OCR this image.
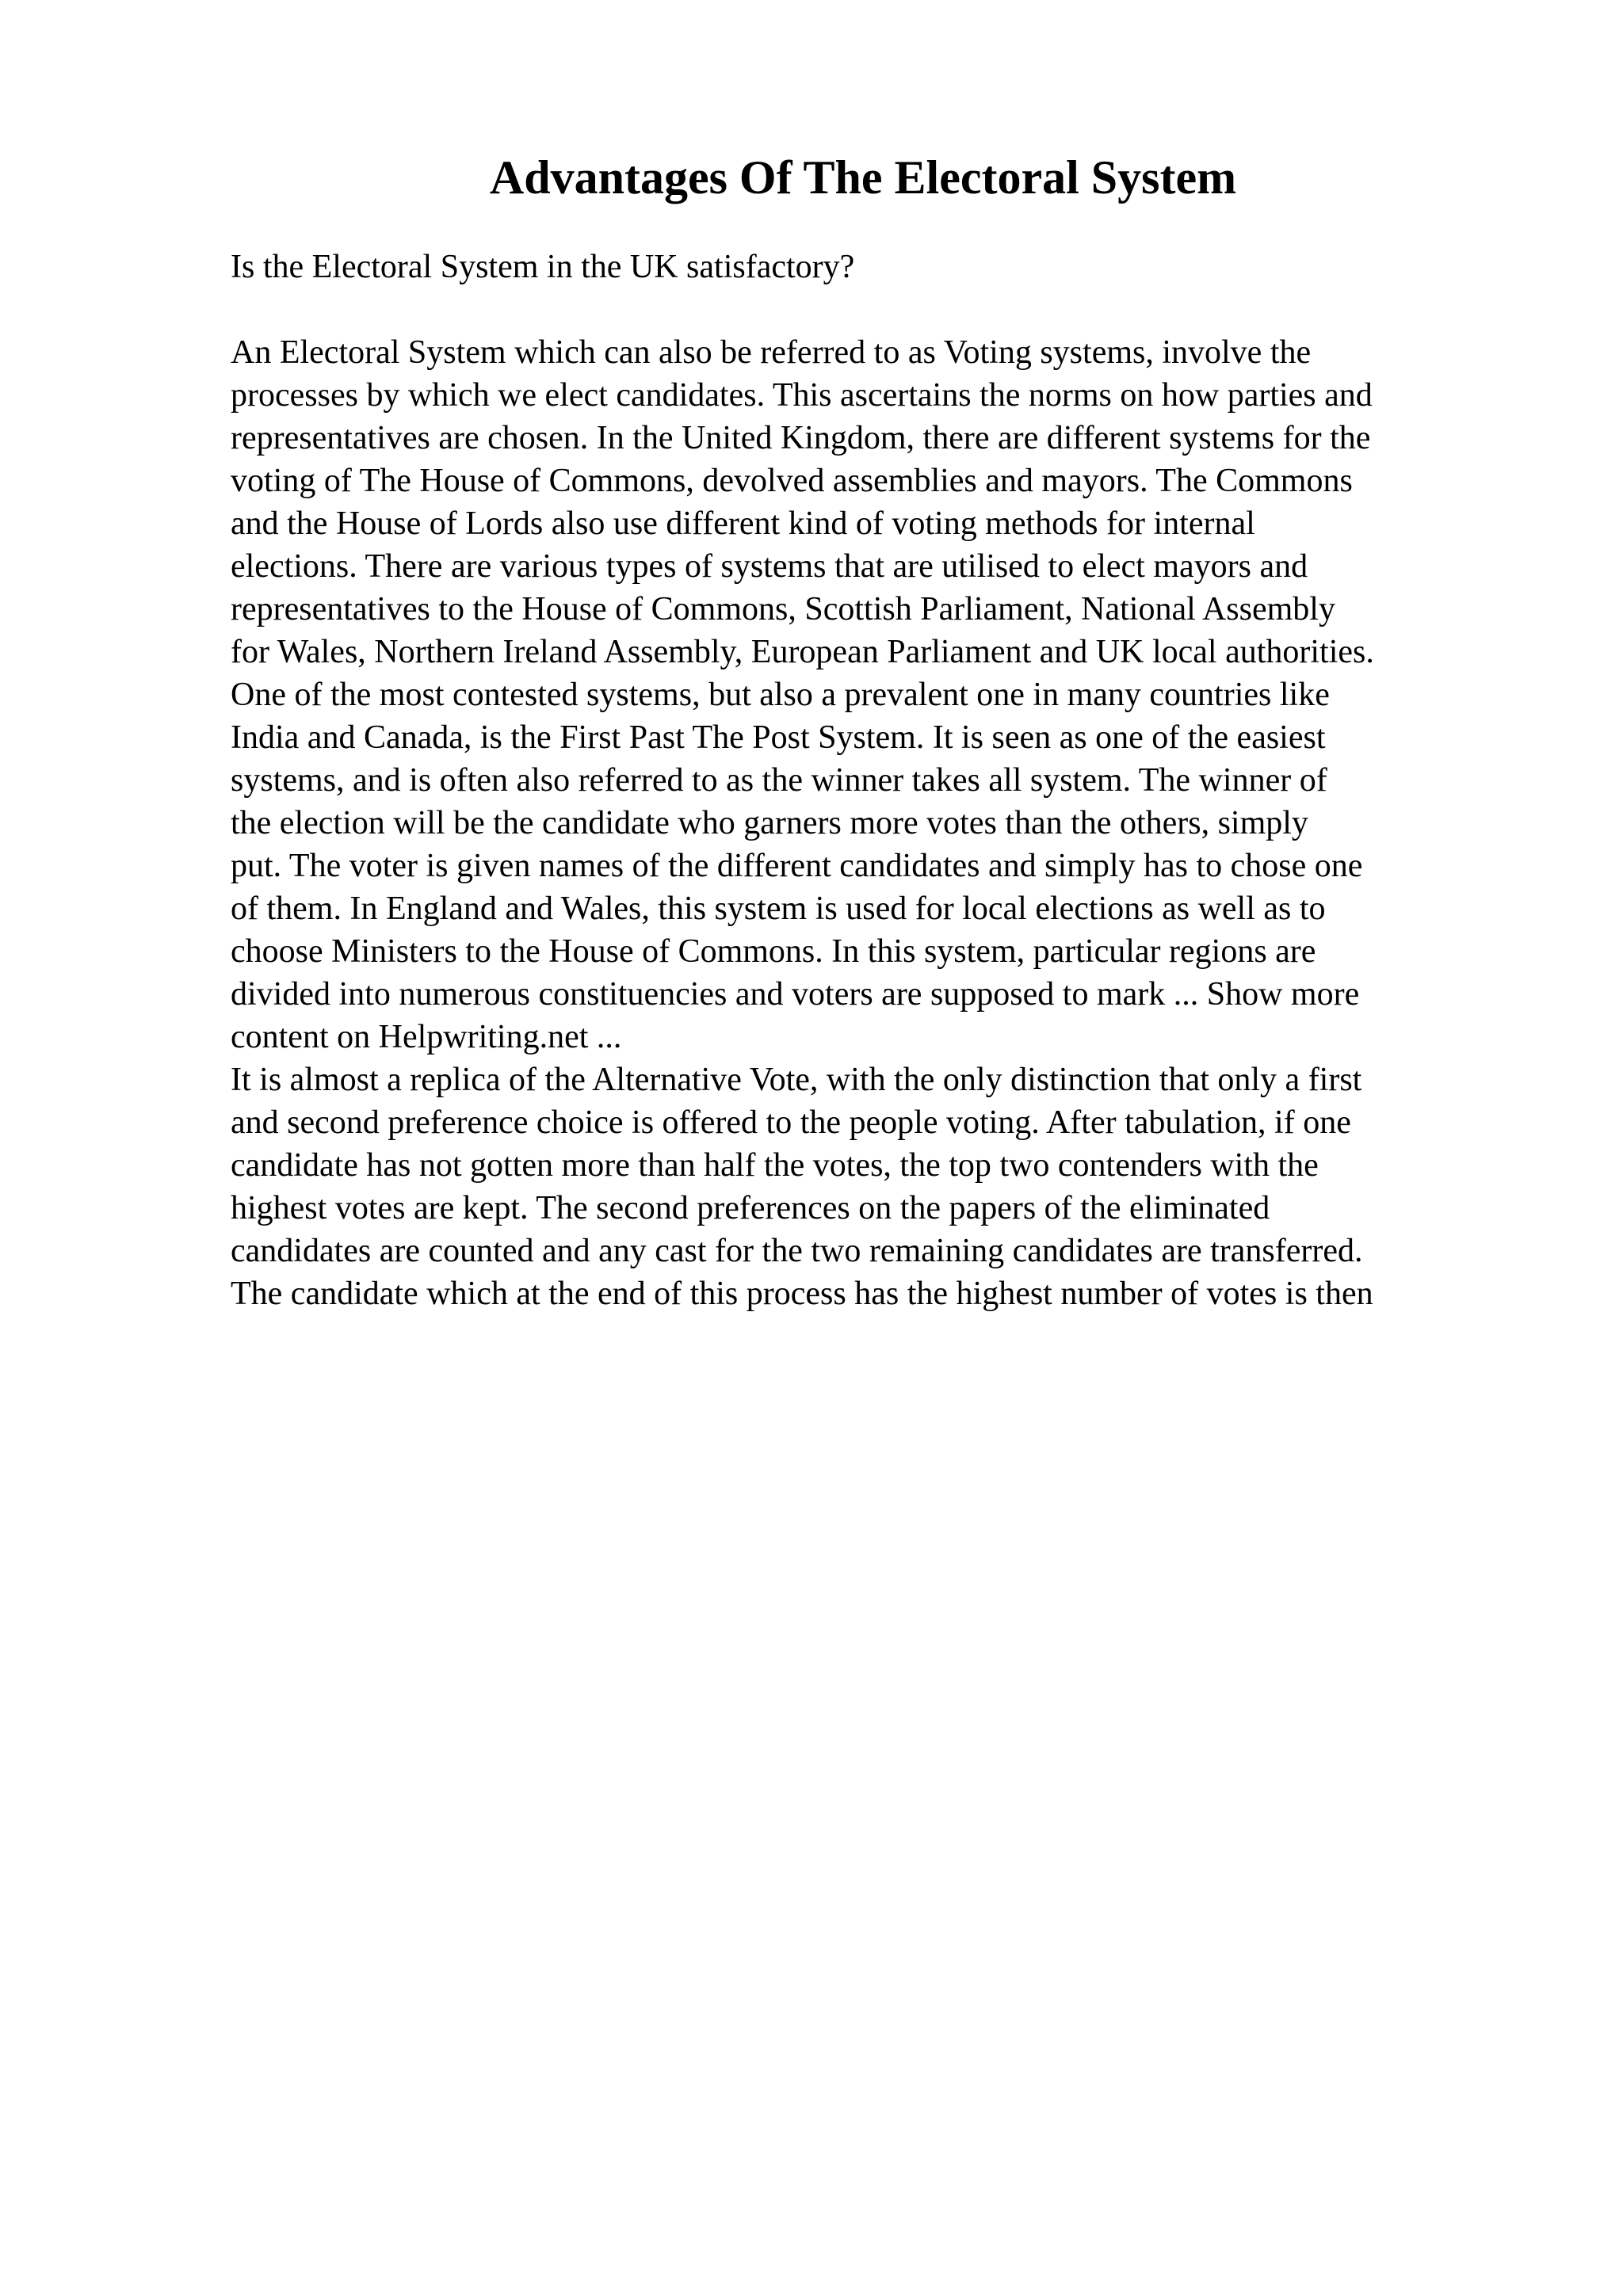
Advantages Of The Electoral System
Is the Electoral System in the UK satisfactory?
An Electoral System which can also be referred to as Voting systems, involve the
processes by which we elect candidates. This ascertains the norms on how parties and
representatives are chosen. In the United Kingdom, there are different systems for the
voting of The House of Commons, devolved assemblies and mayors. The Commons
and the House of Lords also use different kind of voting methods for internal
elections. There are various types of systems that are utilised to elect mayors and
representatives to the House of Commons, Scottish Parliament, National Assembly
for Wales, Northern Ireland Assembly, European Parliament and UK local authorities.
One of the most contested systems, but also a prevalent one in many countries like
India and Canada, is the First Past The Post System. It is seen as one of the easiest
systems, and is often also referred to as the winner takes all system. The winner of
the election will be the candidate who garners more votes than the others, simply
put. The voter is given names of the different candidates and simply has to chose one
of them. In England and Wales, this system is used for local elections as well as to
choose Ministers to the House of Commons. In this system, particular regions are
divided into numerous constituencies and voters are supposed to mark ... Show more
content on Helpwriting.net ...
It is almost a replica of the Alternative Vote, with the only distinction that only a first
and second preference choice is offered to the people voting. After tabulation, if one
candidate has not gotten more than half the votes, the top two contenders with the
highest votes are kept. The second preferences on the papers of the eliminated
candidates are counted and any cast for the two remaining candidates are transferred.
The candidate which at the end of this process has the highest number of votes is then
